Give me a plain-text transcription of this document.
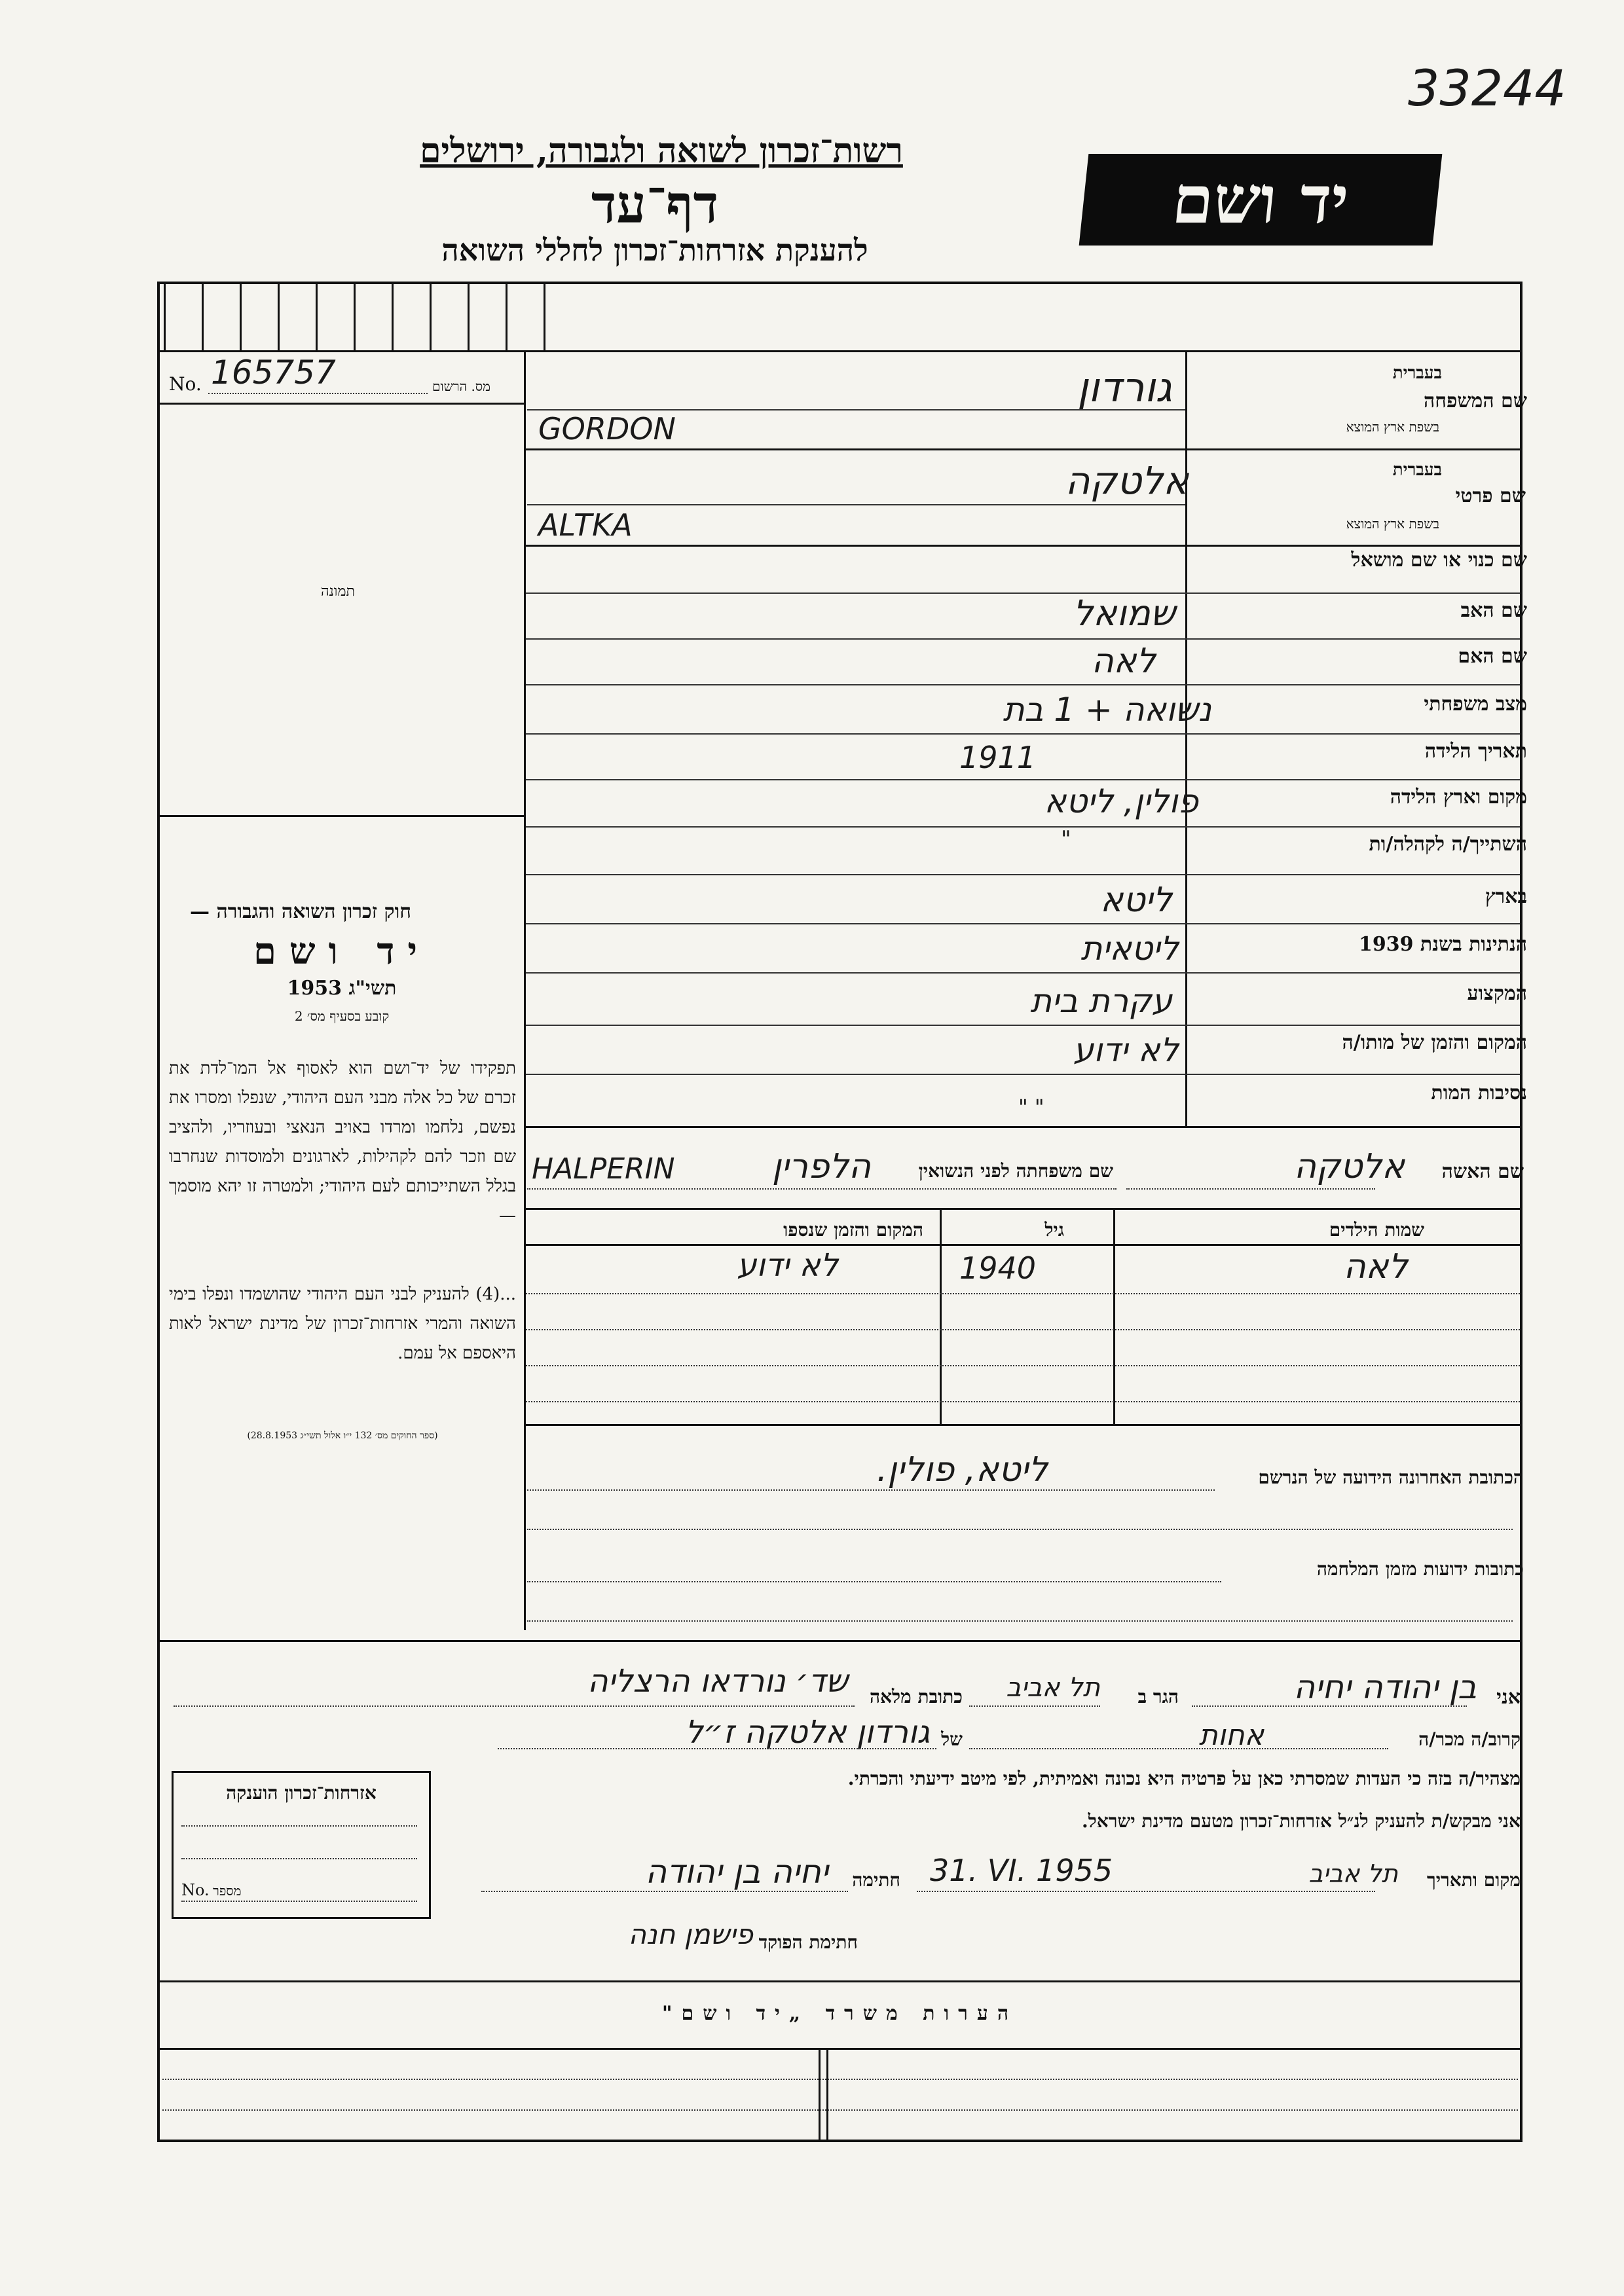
33244
רשות־זכרון לשואה ולגבורה, ירושלים
דף־עד
להענקת אזרחות־זכרון לחללי השואה
יד ושם
No. 165757	מס. הרשום
תמונה
חוק זכרון השואה והגבורה —
יד ושם
תשי"ג 1953
קובע בסעיף מס׳ 2
תפקידו של יד־ושם הוא לאסוף אל המו־לדת את זכרם של כל אלה מבני העם היהודי, שנפלו ומסרו את נפשם, נלחמו ומרדו באויב הנאצי ובעוזריו, ולהציב שם וזכר להם לקהילות, לארגונים ולמוסדות שנחרבו בגלל השתייכותם לעם היהודי; ולמטרה זו יהא מוסמך —
...(4) להעניק לבני העם היהודי שהושמדו ונפלו בימי השואה והמרי אזרחות־זכרון של מדינת ישראל לאות היאספם אל עמם.
(ספר החוקים מס׳ 132 י״ו אלול תשי״ג 28.8.1953)
שם המשפחה
בעברית
בשפת ארץ המוצא
גורדון
GORDON
שם פרטי
בעברית
בשפת ארץ המוצא
אלטקה
ALTKA
שם כנוי או שם מושאל
שם האב
שמואל
שם האם
לאה
מצב משפחתי
נשואה + 1 בת
תאריך הלידה
1911
מקום וארץ הלידה
פולין, ליטא
השתייך/ה לקהלה/ות
"
בארץ
ליטא
הנתינות בשנת 1939
ליטאית
המקצוע
עקרת בית
המקום והזמן של מותו/ה
לא ידוע
נסיבות המות
" "
שם האשה
אלטקה
שם משפחתה לפני הנשואין
הלפרין
HALPERIN
שמות הילדים
גיל
המקום והזמן שנספו
לאה
1940
לא ידוע
הכתובת האחרונה הידועה של הנרשם
ליטא, פולין.
כתובות ידועות מזמן המלחמה
אני
בן יהודה יחיה
הגר ב
תל אביב
כתובת מלאה
שד׳ נורדאו הרצליה
קרוב/ה מכר/ה
אחות
של
גורדון אלטקה ז״ל
מצהיר/ה בזה כי העדות שמסרתי כאן על פרטיה היא נכונה ואמיתית, לפי מיטב ידיעתי והכרתי.
אני מבקש/ת להעניק לנ״ל אזרחות־זכרון מטעם מדינת ישראל.
מקום ותאריך
תל אביב
31. VI. 1955
חתימה
יחיה בן יהודה
חתימת הפוקד
פישמן חנה
אזרחות־זכרון הוענקה
No. מספר
הערות משרד „יד ושם"
